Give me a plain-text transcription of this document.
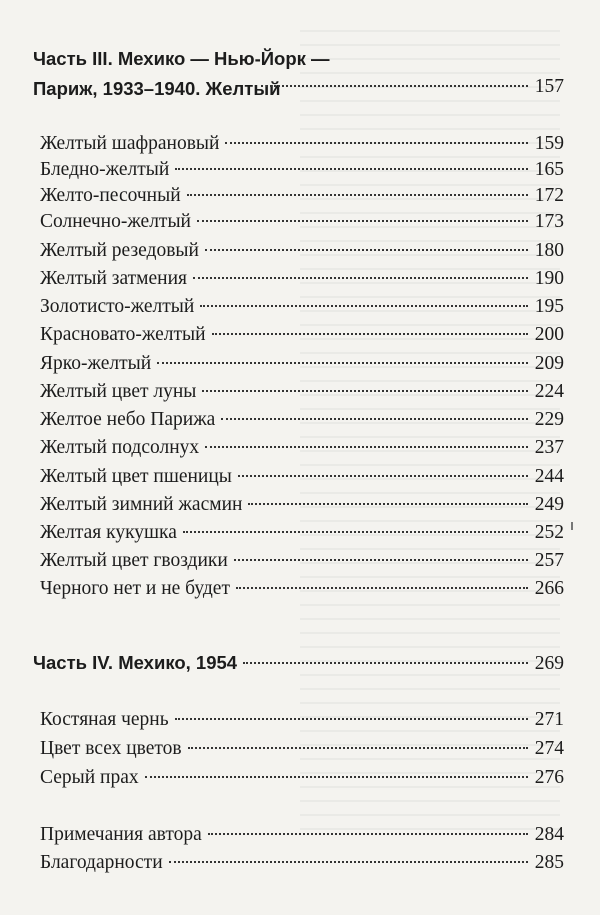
Часть III. Мехико — Нью-Йорк —
Париж, 1933–1940. Желтый	157
Желтый шафрановый	159
Бледно-желтый	165
Желто-песочный	172
Солнечно-желтый	173
Желтый резедовый	180
Желтый затмения	190
Золотисто-желтый	195
Красновато-желтый	200
Ярко-желтый	209
Желтый цвет луны	224
Желтое небо Парижа	229
Желтый подсолнух	237
Желтый цвет пшеницы	244
Желтый зимний жасмин	249
Желтая кукушка	252
Желтый цвет гвоздики	257
Черного нет и не будет	266
Часть IV. Мехико, 1954	269
Костяная чернь	271
Цвет всех цветов	274
Серый прах	276
Примечания автора	284
Благодарности	285
